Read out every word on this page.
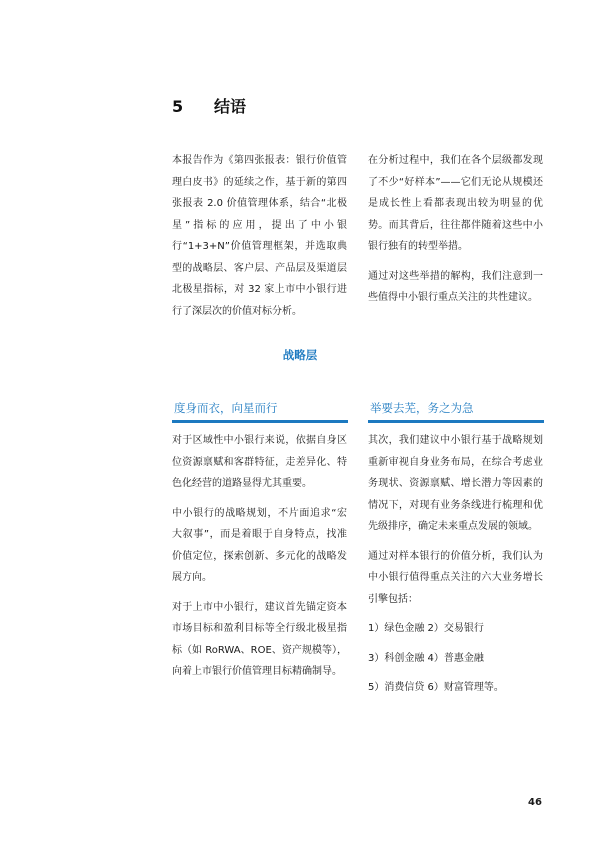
5 结语

本报告作为《第四张报表：银行价值管理白皮书》的延续之作，基于新的第四张报表 2.0 价值管理体系，结合“北极星”指标的应用，提出了中小银行“1+3+N”价值管理框架，并选取典型的战略层、客户层、产品层及渠道层北极星指标，对 32 家上市中小银行进行了深层次的价值对标分析。

在分析过程中，我们在各个层级都发现了不少“好样本”——它们无论从规模还是成长性上看都表现出较为明显的优势。而其背后，往往都伴随着这些中小银行独有的转型举措。

通过对这些举措的解构，我们注意到一些值得中小银行重点关注的共性建议。

战略层
度身而衣，向星而行	举要去芜，务之为急

对于区域性中小银行来说，依据自身区位资源禀赋和客群特征，走差异化、特色化经营的道路显得尤其重要。

中小银行的战略规划，不片面追求“宏大叙事”，而是着眼于自身特点，找准价值定位，探索创新、多元化的战略发展方向。

对于上市中小银行，建议首先锚定资本市场目标和盈利目标等全行级北极星指标（如 RoRWA、ROE、资产规模等），向着上市银行价值管理目标精确制导。

其次，我们建议中小银行基于战略规划重新审视自身业务布局，在综合考虑业务现状、资源禀赋、增长潜力等因素的情况下，对现有业务条线进行梳理和优先级排序，确定未来重点发展的领域。

通过对样本银行的价值分析，我们认为中小银行值得重点关注的六大业务增长引擎包括：

1）绿色金融 2）交易银行

3）科创金融 4）普惠金融

5）消费信贷 6）财富管理等。

46
